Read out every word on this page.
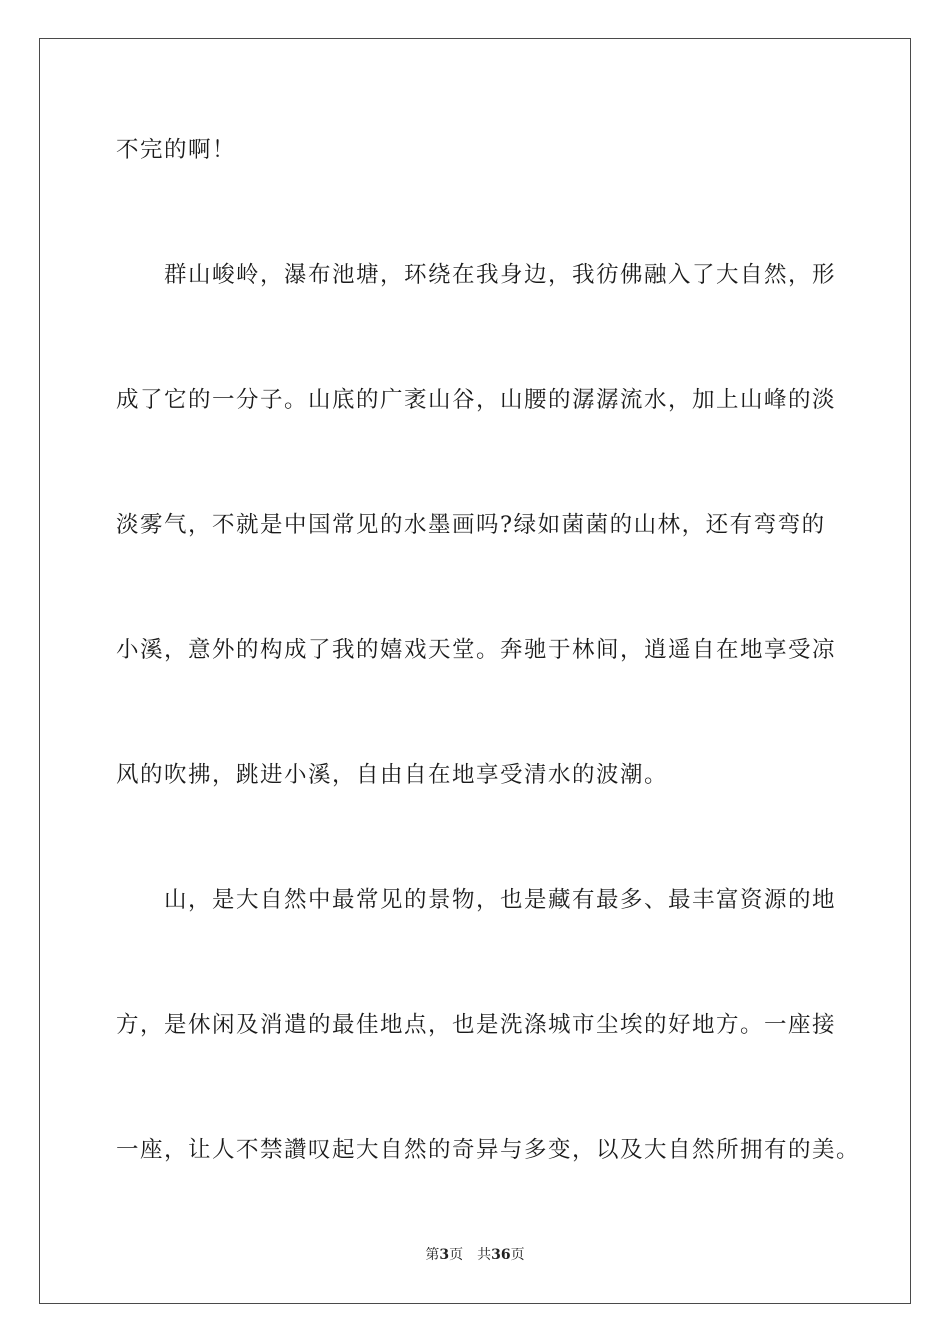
不完的啊！
群山峻岭，瀑布池塘，环绕在我身边，我彷佛融入了大自然，形
成了它的一分子。山底的广袤山谷，山腰的潺潺流水，加上山峰的淡
淡雾气，不就是中国常见的水墨画吗?绿如菌菌的山林，还有弯弯的
小溪，意外的构成了我的嬉戏天堂。奔驰于林间，逍遥自在地享受凉
风的吹拂，跳进小溪，自由自在地享受清水的波潮。
山，是大自然中最常见的景物，也是藏有最多、最丰富资源的地
方，是休闲及消遣的最佳地点，也是洗涤城市尘埃的好地方。一座接
一座，让人不禁讚叹起大自然的奇异与多变，以及大自然所拥有的美。
第3页 共36页
